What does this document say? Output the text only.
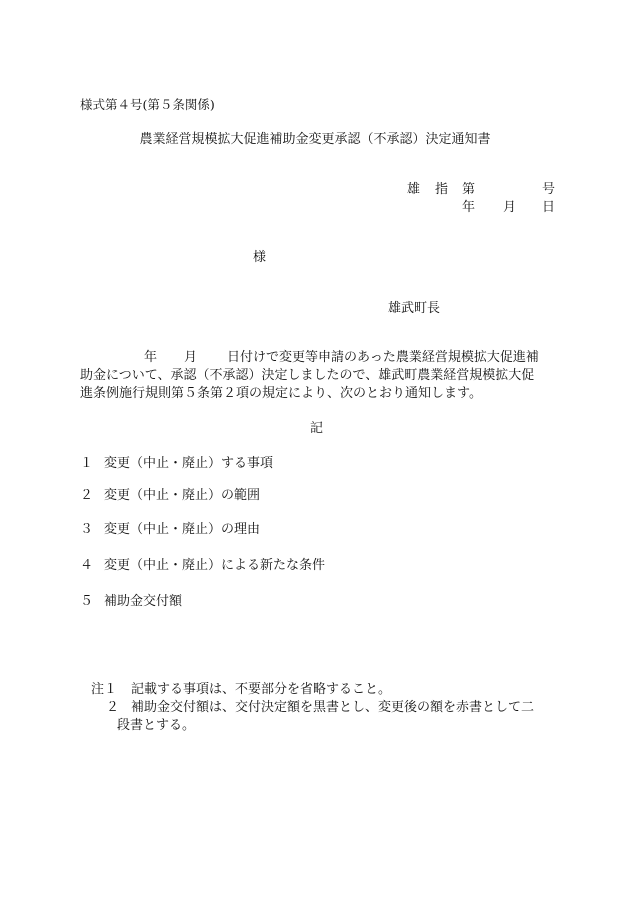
様式第４号(第５条関係)
農業経営規模拡大促進補助金変更承認（不承認）決定通知書
雄 指 第	号
年 月 日
様
雄武町長
年 月 日付けで変更等申請のあった農業経営規模拡大促進補
助金について、承認（不承認）決定しましたので、雄武町農業経営規模拡大促
進条例施行規則第５条第２項の規定により、次のとおり通知します。
記
１ 変更（中止・廃止）する事項
２ 変更（中止・廃止）の範囲
３ 変更（中止・廃止）の理由
４ 変更（中止・廃止）による新たな条件
５ 補助金交付額
注１ 記載する事項は、不要部分を省略すること。
２ 補助金交付額は、交付決定額を黒書とし、変更後の額を赤書として二
段書とする。
